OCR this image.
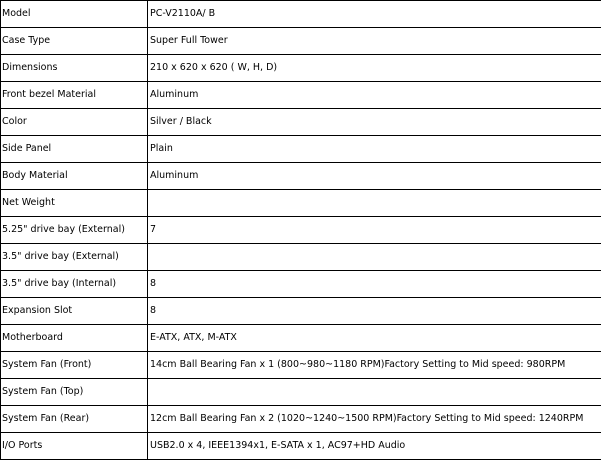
Model	PC-V2110A/ B
Case Type	Super Full Tower
Dimensions	210 x 620 x 620 ( W, H, D)
Front bezel Material	Aluminum
Color	Silver / Black
Side Panel	Plain
Body Material	Aluminum
Net Weight	
5.25" drive bay (External)	7
3.5" drive bay (External)	
3.5" drive bay (Internal)	8
Expansion Slot	8
Motherboard	E-ATX, ATX, M-ATX
System Fan (Front)	14cm Ball Bearing Fan x 1 (800~980~1180 RPM)Factory Setting to Mid speed: 980RPM
System Fan (Top)	
System Fan (Rear)	12cm Ball Bearing Fan x 2 (1020~1240~1500 RPM)Factory Setting to Mid speed: 1240RPM
I/O Ports	USB2.0 x 4, IEEE1394x1, E-SATA x 1, AC97+HD Audio
